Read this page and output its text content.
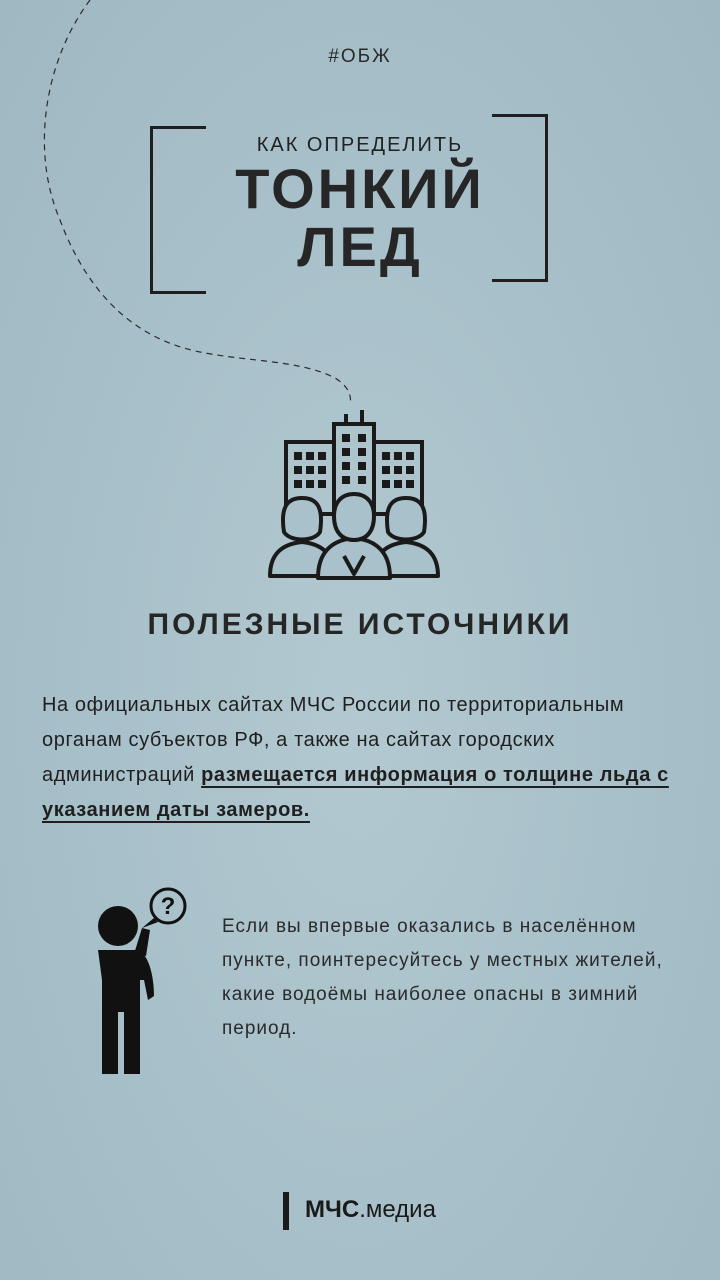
#ОБЖ
КАК ОПРЕДЕЛИТЬ
ТОНКИЙ
ЛЕД
ПОЛЕЗНЫЕ ИСТОЧНИКИ
На официальных сайтах МЧС России по территориальным органам субъектов РФ, а также на сайтах городских администраций размещается информация о толщине льда с указанием даты замеров.
?
Если вы впервые оказались в населённом пункте, поинтересуйтесь у местных жителей, какие водоёмы наиболее опасны в зимний период.
МЧС.медиа
